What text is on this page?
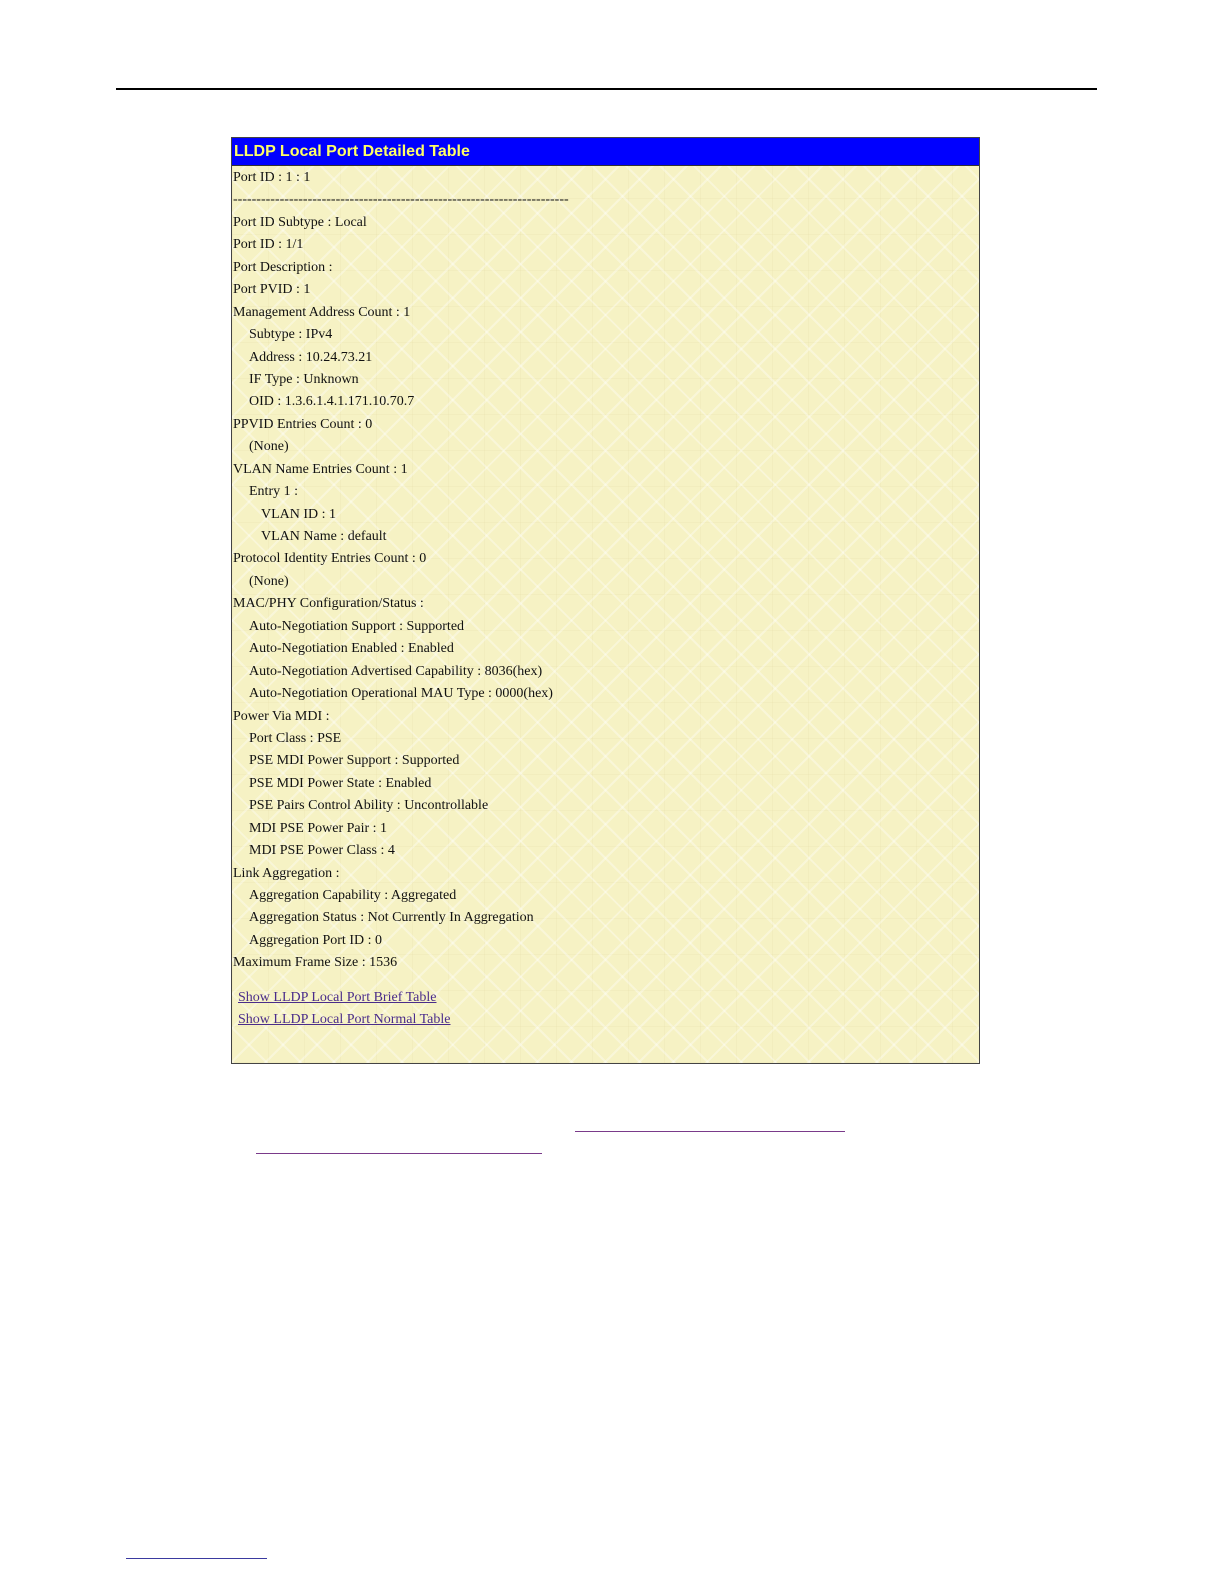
LLDP Local Port Detailed Table
Port ID : 1 : 1
------------------------------------------------------------------------
Port ID Subtype : Local
Port ID : 1/1
Port Description :
Port PVID : 1
Management Address Count : 1
Subtype : IPv4
Address : 10.24.73.21
IF Type : Unknown
OID : 1.3.6.1.4.1.171.10.70.7
PPVID Entries Count : 0
(None)
VLAN Name Entries Count : 1
Entry 1 :
VLAN ID : 1
VLAN Name : default
Protocol Identity Entries Count : 0
(None)
MAC/PHY Configuration/Status :
Auto-Negotiation Support : Supported
Auto-Negotiation Enabled : Enabled
Auto-Negotiation Advertised Capability : 8036(hex)
Auto-Negotiation Operational MAU Type : 0000(hex)
Power Via MDI :
Port Class : PSE
PSE MDI Power Support : Supported
PSE MDI Power State : Enabled
PSE Pairs Control Ability : Uncontrollable
MDI PSE Power Pair : 1
MDI PSE Power Class : 4
Link Aggregation :
Aggregation Capability : Aggregated
Aggregation Status : Not Currently In Aggregation
Aggregation Port ID : 0
Maximum Frame Size : 1536
Show LLDP Local Port Brief Table
Show LLDP Local Port Normal Table
